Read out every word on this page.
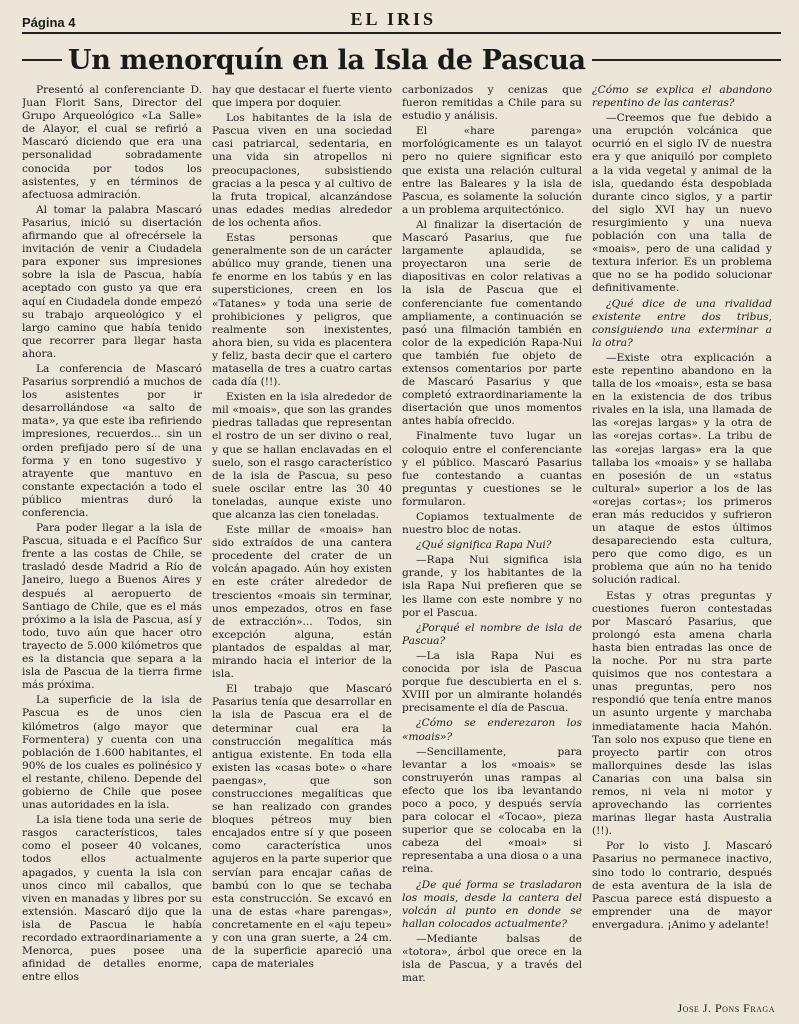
Página 4	EL IRIS
Un menorquín en la Isla de Pascua

Presentó al conferenciante D. Juan Florit Sans, Director del Grupo Arqueológico «La Salle» de Alayor, el cual se refirió a Mascaró diciendo que era una personalidad sobradamente conocida por todos los asistentes, y en términos de afectuosa admiración.

Al tomar la palabra Mascaró Pasarius, inició su disertación afirmando que al ofrecérsele la invitación de venir a Ciudadela para exponer sus impresiones sobre la isla de Pascua, había aceptado con gusto ya que era aquí en Ciudadela donde empezó su trabajo arqueológico y el largo camino que había tenido que recorrer para llegar hasta ahora.

La conferencia de Mascaró Pasarius sorprendió a muchos de los asistentes por ir desarrollándose «a salto de mata», ya que este iba refiriendo impresiones, recuerdos... sin un orden prefijado pero sí de una forma y en tono sugestivo y atrayente que mantuvo en constante expectación a todo el público mientras duró la conferencia.

Para poder llegar a la isla de Pascua, situada e el Pacífico Sur frente a las costas de Chile, se trasladó desde Madrid a Río de Janeiro, luego a Buenos Aires y después al aeropuerto de Santiago de Chile, que es el más próximo a la isla de Pascua, así y todo, tuvo aún que hacer otro trayecto de 5.000 kilómetros que es la distancia que separa a la isla de Pascua de la tierra firme más próxima.

La superficie de la isla de Pascua es de unos cien kilómetros (algo mayor que Formentera) y cuenta con una población de 1.600 habitantes, el 90% de los cuales es polinésico y el restante, chileno. Depende del gobierno de Chile que posee unas autoridades en la isla.

La isla tiene toda una serie de rasgos característicos, tales como el poseer 40 volcanes, todos ellos actualmente apagados, y cuenta la isla con unos cinco mil caballos, que viven en manadas y libres por su extensión. Mascaró dijo que la isla de Pascua le había recordado extraordinariamente a Menorca, pues posee una afinidad de detalles enorme, entre ellos

hay que destacar el fuerte viento que impera por doquier.

Los habitantes de la isla de Pascua viven en una sociedad casi patriarcal, sedentaria, en una vida sin atropellos ni preocupaciones, subsistiendo gracias a la pesca y al cultivo de la fruta tropical, alcanzándose unas edades medias alrededor de los ochenta años.

Estas personas que generalmente son de un carácter abúlico muy grande, tienen una fe enorme en los tabús y en las supersticiones, creen en los «Tatanes» y toda una serie de prohibiciones y peligros, que realmente son inexistentes, ahora bien, su vida es placentera y feliz, basta decir que el cartero matasella de tres a cuatro cartas cada día (!!).

Existen en la isla alrededor de mil «moais», que son las grandes piedras talladas que representan el rostro de un ser divino o real, y que se hallan enclavadas en el suelo, son el rasgo característico de la isla de Pascua, su peso suele oscilar entre las 30 40 toneladas, aunque existe uno que alcanza las cien toneladas.

Este millar de «moais» han sido extraídos de una cantera procedente del crater de un volcán apagado. Aún hoy existen en este cráter alrededor de trescientos «moais sin terminar, unos empezados, otros en fase de extracción»... Todos, sin excepción alguna, están plantados de espaldas al mar, mirando hacia el interior de la isla.

El trabajo que Mascaró Pasarius tenía que desarrollar en la isla de Pascua era el de determinar cual era la construcción megalítica más antigua existente. En toda ella existen las «casas bote» o «hare paengas», que son construcciones megalíticas que se han realizado con grandes bloques pétreos muy bien encajados entre sí y que poseen como característica unos agujeros en la parte superior que servían para encajar cañas de bambú con lo que se techaba esta construcción. Se excavó en una de estas «hare parengas», concretamente en el «aju tepeu» y con una gran suerte, a 24 cm. de la superficie apareció una capa de materiales

carbonizados y cenizas que fueron remitidas a Chile para su estudio y análisis.

El «hare parenga» morfológicamente es un talayot pero no quiere significar esto que exista una relación cultural entre las Baleares y la isla de Pascua, es solamente la solución a un problema arquitectónico.

Al finalizar la disertación de Mascaró Pasarius, que fue largamente aplaudida, se proyectaron una serie de diapositivas en color relativas a la isla de Pascua que el conferenciante fue comentando ampliamente, a continuación se pasó una filmación también en color de la expedición Rapa-Nui que también fue objeto de extensos comentarios por parte de Mascaró Pasarius y que completó extraordinariamente la disertación que unos momentos antes había ofrecido.

Finalmente tuvo lugar un coloquio entre el conferenciante y el público. Mascaró Pasarius fue contestando a cuantas preguntas y cuestiones se le formularon.

Copiamos textualmente de nuestro bloc de notas.

¿Qué significa Rapa Nui?

—Rapa Nui significa isla grande, y los habitantes de la isla Rapa Nui prefieren que se les llame con este nombre y no por el Pascua.

¿Porqué el nombre de isla de Pascua?

—La isla Rapa Nui es conocida por isla de Pascua porque fue descubierta en el s. XVIII por un almirante holandés precisamente el día de Pascua.

¿Cómo se enderezaron los «moais»?

—Sencillamente, para levantar a los «moais» se construyerón unas rampas al efecto que los iba levantando poco a poco, y después servía para colocar el «Tocao», pieza superior que se colocaba en la cabeza del «moai» si representaba a una diosa o a una reina.

¿De qué forma se trasladaron los moais, desde la cantera del volcán al punto en donde se hallan colocados actualmente?

—Mediante balsas de «totora», árbol que orece en la isla de Pascua, y a través del mar.

¿Cómo se explica el abandono repentino de las canteras?

—Creemos que fue debido a una erupción volcánica que ocurrió en el siglo IV de nuestra era y que aniquiló por completo a la vida vegetal y animal de la isla, quedando ésta despoblada durante cinco siglos, y a partir del siglo XVI hay un nuevo resurgimiento y una nueva población con una talla de «moais», pero de una calidad y textura inferior. Es un problema que no se ha podido solucionar definitivamente.

¿Qué dice de una rivalidad existente entre dos tribus, consiguiendo una exterminar a la otra?

—Existe otra explicación a este repentino abandono en la talla de los «moais», esta se basa en la existencia de dos tribus rivales en la isla, una llamada de las «orejas largas» y la otra de las «orejas cortas». La tribu de las «orejas largas» era la que tallaba los «moais» y se hallaba en posesión de un «status cultural» superior a los de las «orejas cortas»; los primeros eran más reducidos y sufrieron un ataque de estos últimos desapareciendo esta cultura, pero que como digo, es un problema que aún no ha tenido solución radical.

Estas y otras preguntas y cuestiones fueron contestadas por Mascaró Pasarius, que prolongó esta amena charla hasta bien entradas las once de la noche. Por nu stra parte quisimos que nos contestara a unas preguntas, pero nos respondió que tenía entre manos un asunto urgente y marchaba inmediatamente hacia Mahón. Tan solo nos expuso que tiene en proyecto partir con otros mallorquines desde las islas Canarias con una balsa sin remos, ni vela ni motor y aprovechando las corrientes marinas llegar hasta Australia (!!).

Por lo visto J. Mascaró Pasarius no permanece inactivo, sino todo lo contrario, después de esta aventura de la isla de Pascua parece está dispuesto a emprender una de mayor envergadura. ¡Animo y adelante!

Jose J. Pons Fraga
